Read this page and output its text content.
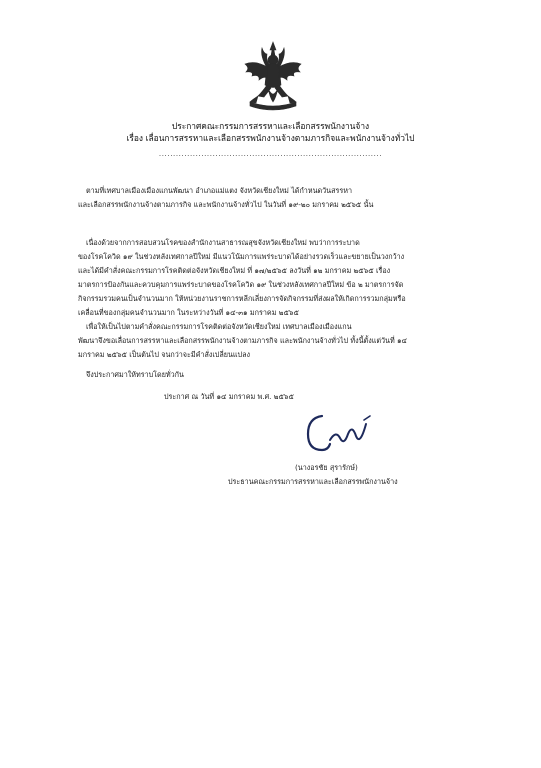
ประกาศคณะกรรมการสรรหาและเลือกสรรพนักงานจ้าง
เรื่อง เลื่อนการสรรหาและเลือกสรรพนักงานจ้างตามภารกิจและพนักงานจ้างทั่วไป
...............................................................................
ตามที่เทศบาลเมืองเมืองแกนพัฒนา อำเภอแม่แตง จังหวัดเชียงใหม่ ได้กำหนดวันสรรหา
และเลือกสรรพนักงานจ้างตามภารกิจ และพนักงานจ้างทั่วไป ในวันที่ ๑๙-๒๐ มกราคม ๒๕๖๕ นั้น
เนื่องด้วยจากการสอบสวนโรคของสำนักงานสาธารณสุขจังหวัดเชียงใหม่ พบว่าการระบาด
ของโรคโควิด ๑๙ ในช่วงหลังเทศกาลปีใหม่ มีแนวโน้มการแพร่ระบาดได้อย่างรวดเร็วและขยายเป็นวงกว้าง
และได้มีคำสั่งคณะกรรมการโรคติดต่อจังหวัดเชียงใหม่ ที่ ๑๗/๒๕๖๕ ลงวันที่ ๑๒ มกราคม ๒๕๖๕ เรื่อง
มาตรการป้องกันและควบคุมการแพร่ระบาดของโรคโควิด ๑๙ ในช่วงหลังเทศกาลปีใหม่ ข้อ ๒ มาตรการจัด
กิจกรรมรวมคนเป็นจำนวนมาก ให้หน่วยงานราชการหลีกเลี่ยงการจัดกิจกรรมที่ส่งผลให้เกิดการรวมกลุ่มหรือ
เคลื่อนที่ของกลุ่มคนจำนวนมาก ในระหว่างวันที่ ๑๔-๓๑ มกราคม ๒๕๖๕
เพื่อให้เป็นไปตามคำสั่งคณะกรรมการโรคติดต่อจังหวัดเชียงใหม่ เทศบาลเมืองเมืองแกน
พัฒนาจึงขอเลื่อนการสรรหาและเลือกสรรพนักงานจ้างตามภารกิจ และพนักงานจ้างทั่วไป ทั้งนี้ตั้งแต่วันที่ ๑๔
มกราคม ๒๕๖๕ เป็นต้นไป จนกว่าจะมีคำสั่งเปลี่ยนแปลง
จึงประกาศมาให้ทราบโดยทั่วกัน
ประกาศ ณ วันที่ ๑๔ มกราคม พ.ศ. ๒๕๖๕
(นางอรชัย สุรารักษ์)
ประธานคณะกรรมการสรรหาและเลือกสรรพนักงานจ้าง
